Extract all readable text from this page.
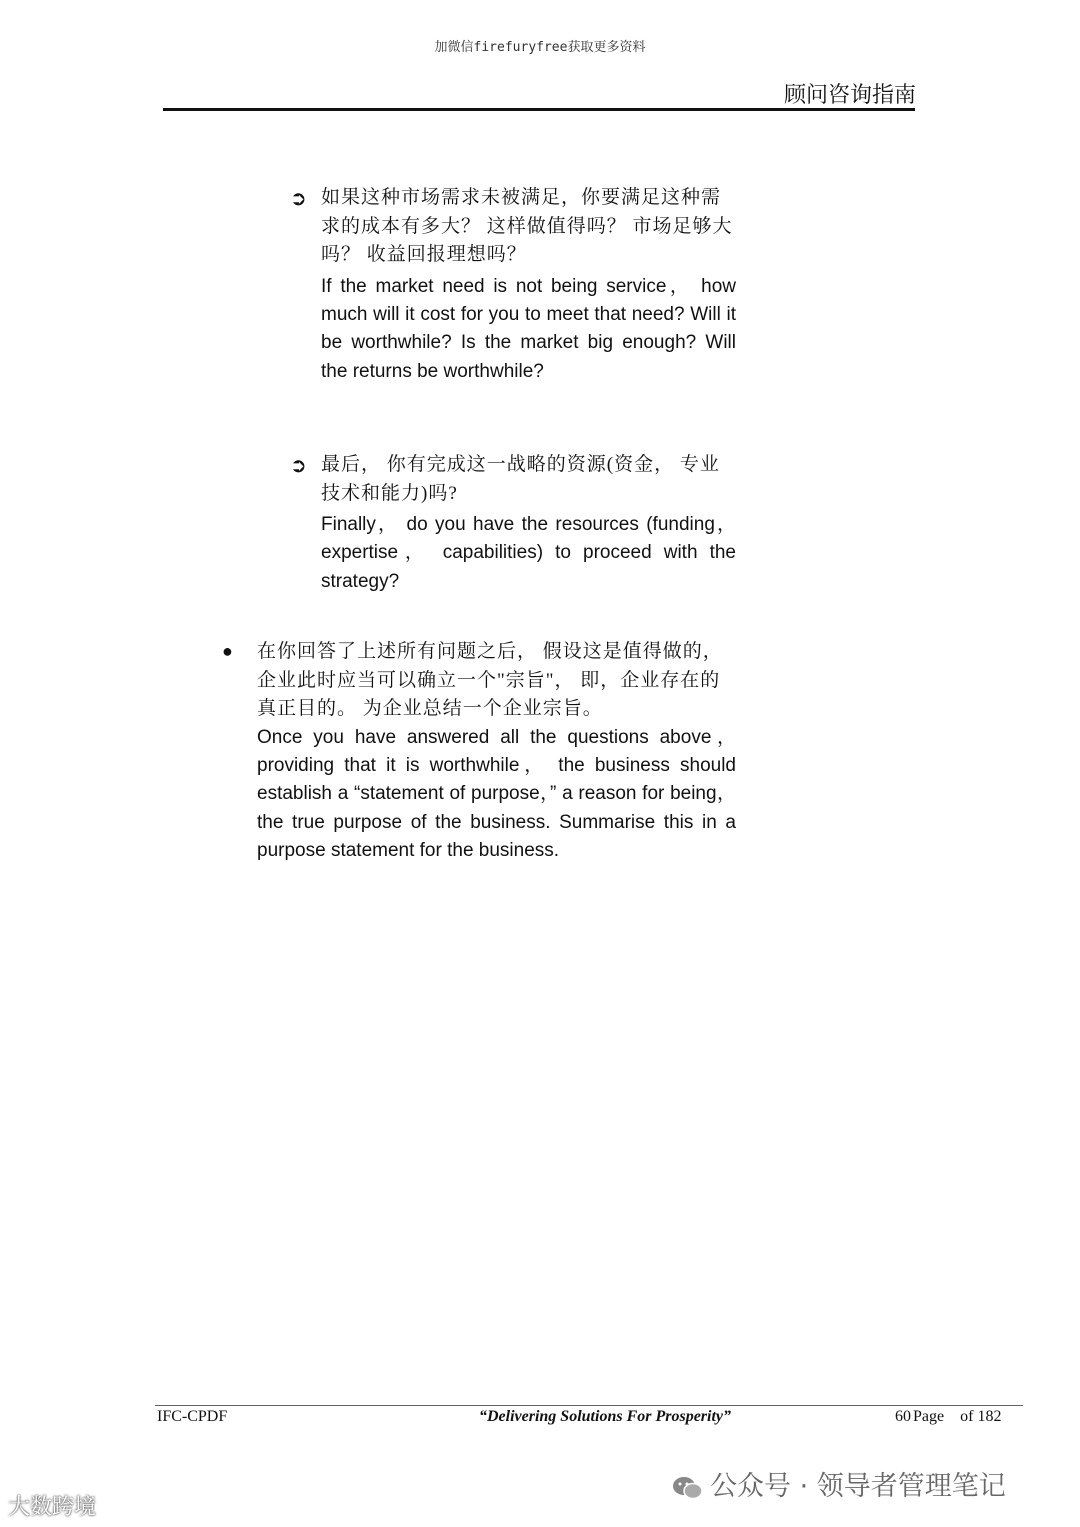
加微信firefuryfree获取更多资料
顾问咨询指南
➲ 如果这种市场需求未被满足，你要满足这种需求的成本有多大？ 这样做值得吗？ 市场足够大吗？ 收益回报理想吗？
If the market need is not being service， how much will it cost for you to meet that need? Will it be worthwhile? Is the market big enough? Will the returns be worthwhile?
➲ 最后， 你有完成这一战略的资源(资金， 专业技术和能力)吗?
Finally， do you have the resources (funding， expertise， capabilities) to proceed with the strategy?
● 在你回答了上述所有问题之后， 假设这是值得做的， 企业此时应当可以确立一个"宗旨"， 即，企业存在的真正目的。 为企业总结一个企业宗旨。
Once you have answered all the questions above， providing that it is worthwhile， the business should establish a “statement of purpose，” a reason for being， the true purpose of the business. Summarise this in a purpose statement for the business.
IFC-CPDF	“Delivering Solutions For Prosperity”	60 Page of 182
公众号 · 领导者管理笔记
大数跨境
